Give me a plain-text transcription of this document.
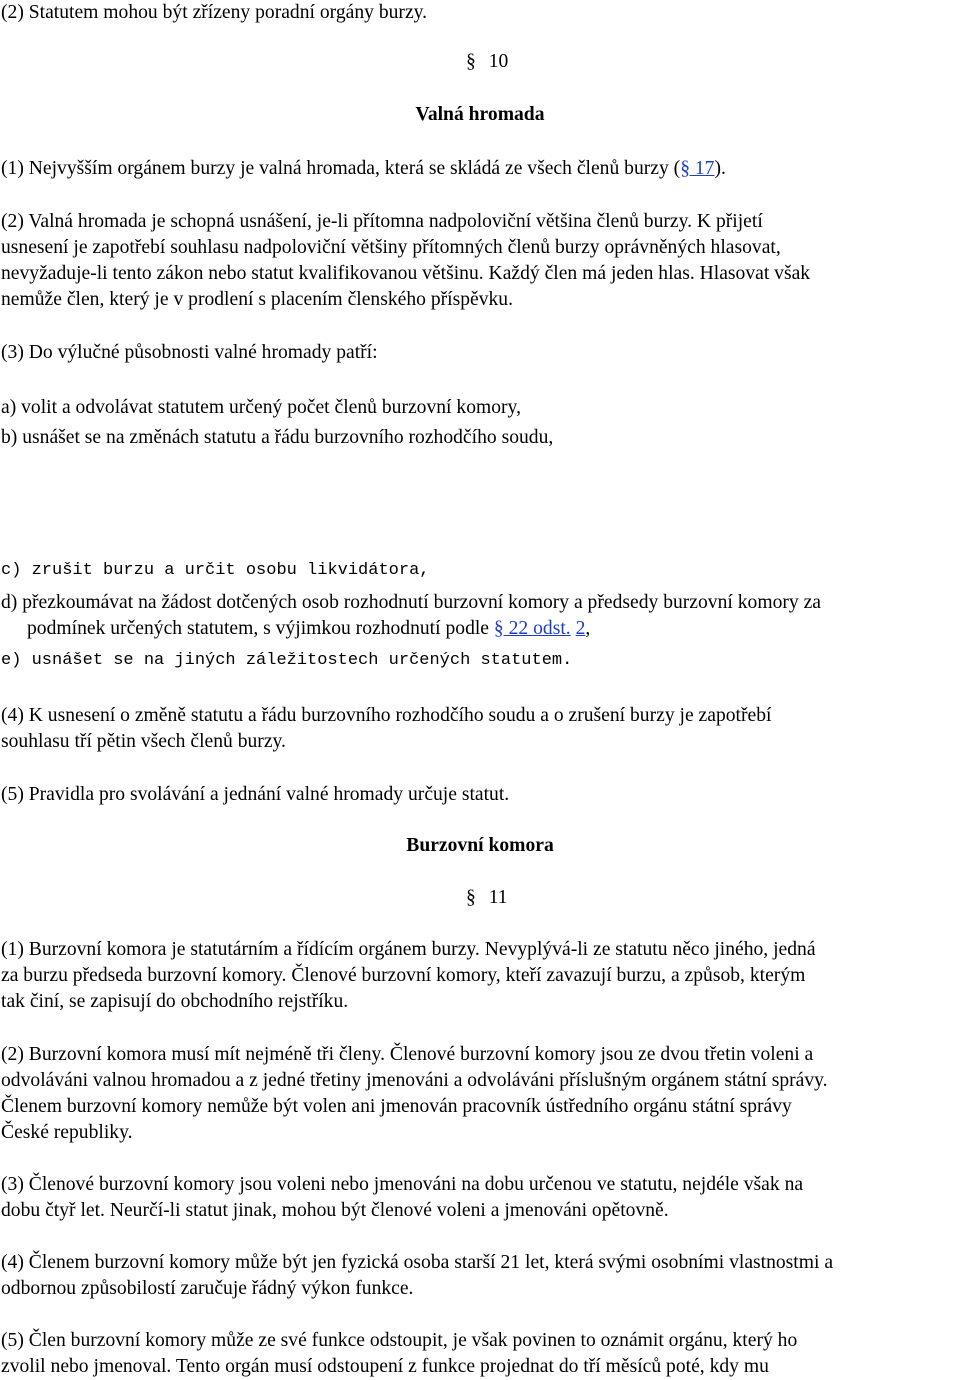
(2) Statutem mohou být zřízeny poradní orgány burzy.
§ 10
Valná hromada
(1) Nejvyšším orgánem burzy je valná hromada, která se skládá ze všech členů burzy (§ 17).
(2) Valná hromada je schopná usnášení, je-li přítomna nadpoloviční většina členů burzy. K přijetí
usnesení je zapotřebí souhlasu nadpoloviční většiny přítomných členů burzy oprávněných hlasovat,
nevyžaduje-li tento zákon nebo statut kvalifikovanou většinu. Každý člen má jeden hlas. Hlasovat však
nemůže člen, který je v prodlení s placením členského příspěvku.
(3) Do výlučné působnosti valné hromady patří:
a) volit a odvolávat statutem určený počet členů burzovní komory,
b) usnášet se na změnách statutu a řádu burzovního rozhodčího soudu,
c) zrušit burzu a určit osobu likvidátora,
d) přezkoumávat na žádost dotčených osob rozhodnutí burzovní komory a předsedy burzovní komory za
podmínek určených statutem, s výjimkou rozhodnutí podle § 22 odst. 2,
e) usnášet se na jiných záležitostech určených statutem.
(4) K usnesení o změně statutu a řádu burzovního rozhodčího soudu a o zrušení burzy je zapotřebí
souhlasu tří pětin všech členů burzy.
(5) Pravidla pro svolávání a jednání valné hromady určuje statut.
Burzovní komora
§ 11
(1) Burzovní komora je statutárním a řídícím orgánem burzy. Nevyplývá-li ze statutu něco jiného, jedná
za burzu předseda burzovní komory. Členové burzovní komory, kteří zavazují burzu, a způsob, kterým
tak činí, se zapisují do obchodního rejstříku.
(2) Burzovní komora musí mít nejméně tři členy. Členové burzovní komory jsou ze dvou třetin voleni a
odvoláváni valnou hromadou a z jedné třetiny jmenováni a odvoláváni příslušným orgánem státní správy.
Členem burzovní komory nemůže být volen ani jmenován pracovník ústředního orgánu státní správy
České republiky.
(3) Členové burzovní komory jsou voleni nebo jmenováni na dobu určenou ve statutu, nejdéle však na
dobu čtyř let. Neurčí-li statut jinak, mohou být členové voleni a jmenováni opětovně.
(4) Členem burzovní komory může být jen fyzická osoba starší 21 let, která svými osobními vlastnostmi a
odbornou způsobilostí zaručuje řádný výkon funkce.
(5) Člen burzovní komory může ze své funkce odstoupit, je však povinen to oznámit orgánu, který ho
zvolil nebo jmenoval. Tento orgán musí odstoupení z funkce projednat do tří měsíců poté, kdy mu
